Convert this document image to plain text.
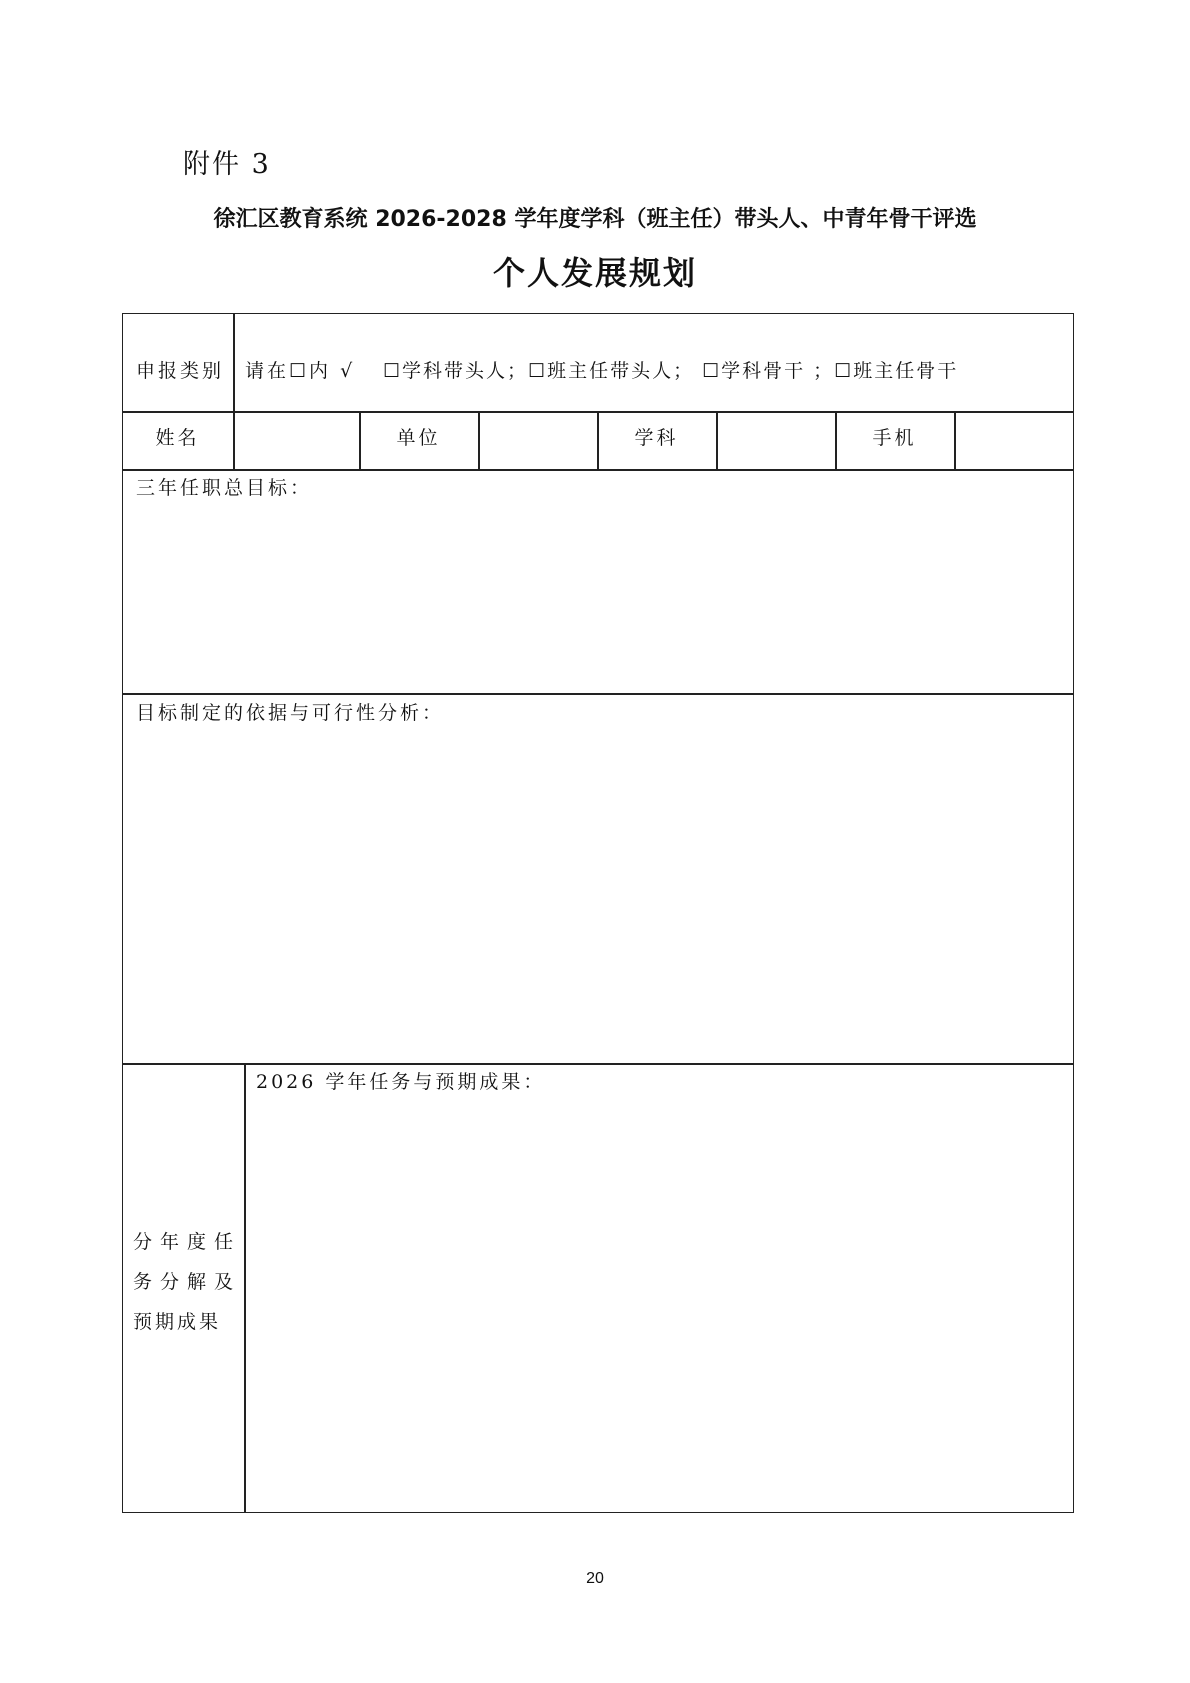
附件 3
徐汇区教育系统 2026-2028 学年度学科（班主任）带头人、中青年骨干评选
个人发展规划
申报类别 请在☐内 √ ☐学科带头人；☐班主任带头人； ☐学科骨干 ；☐班主任骨干
姓名	单位	学科	手机
三年任职总目标：
目标制定的依据与可行性分析：
分年度任
务分解及
预期成果
2026 学年任务与预期成果：
20
